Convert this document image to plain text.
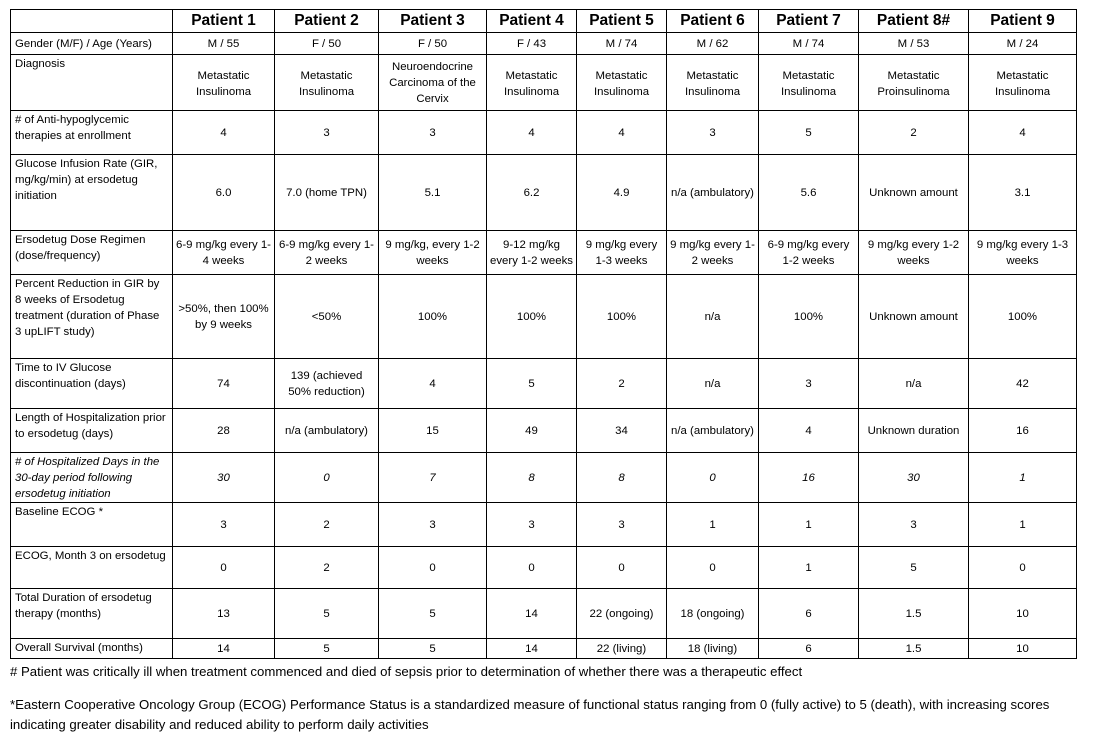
	Patient 1	Patient 2	Patient 3	Patient 4	Patient 5	Patient 6	Patient 7	Patient 8#	Patient 9
Gender (M/F) / Age (Years)	M / 55	F / 50	F / 50	F / 43	M / 74	M / 62	M / 74	M / 53	M / 24
Diagnosis	Metastatic Insulinoma	Metastatic Insulinoma	Neuroendocrine Carcinoma of the Cervix	Metastatic Insulinoma	Metastatic Insulinoma	Metastatic Insulinoma	Metastatic Insulinoma	Metastatic Proinsulinoma	Metastatic Insulinoma
# of Anti-hypoglycemic therapies at enrollment	4	3	3	4	4	3	5	2	4
Glucose Infusion Rate (GIR, mg/kg/min) at ersodetug initiation	6.0	7.0 (home TPN)	5.1	6.2	4.9	n/a (ambulatory)	5.6	Unknown amount	3.1
Ersodetug Dose Regimen (dose/frequency)	6-9 mg/kg every 1-4 weeks	6-9 mg/kg every 1-2 weeks	9 mg/kg, every 1-2 weeks	9-12 mg/kg every 1-2 weeks	9 mg/kg every 1-3 weeks	9 mg/kg every 1-2 weeks	6-9 mg/kg every 1-2 weeks	9 mg/kg every 1-2 weeks	9 mg/kg every 1-3 weeks
Percent Reduction in GIR by 8 weeks of Ersodetug treatment (duration of Phase 3 upLIFT study)	>50%, then 100% by 9 weeks	<50%	100%	100%	100%	n/a	100%	Unknown amount	100%
Time to IV Glucose discontinuation (days)	74	139 (achieved 50% reduction)	4	5	2	n/a	3	n/a	42
Length of Hospitalization prior to ersodetug (days)	28	n/a (ambulatory)	15	49	34	n/a (ambulatory)	4	Unknown duration	16
# of Hospitalized Days in the 30-day period following ersodetug initiation	30	0	7	8	8	0	16	30	1
Baseline ECOG *	3	2	3	3	3	1	1	3	1
ECOG, Month 3 on ersodetug	0	2	0	0	0	0	1	5	0
Total Duration of ersodetug therapy (months)	13	5	5	14	22 (ongoing)	18 (ongoing)	6	1.5	10
Overall Survival (months)	14	5	5	14	22 (living)	18 (living)	6	1.5	10
# Patient was critically ill when treatment commenced and died of sepsis prior to determination of whether there was a therapeutic effect
*Eastern Cooperative Oncology Group (ECOG) Performance Status is a standardized measure of functional status ranging from 0 (fully active) to 5 (death), with increasing scores indicating greater disability and reduced ability to perform daily activities
